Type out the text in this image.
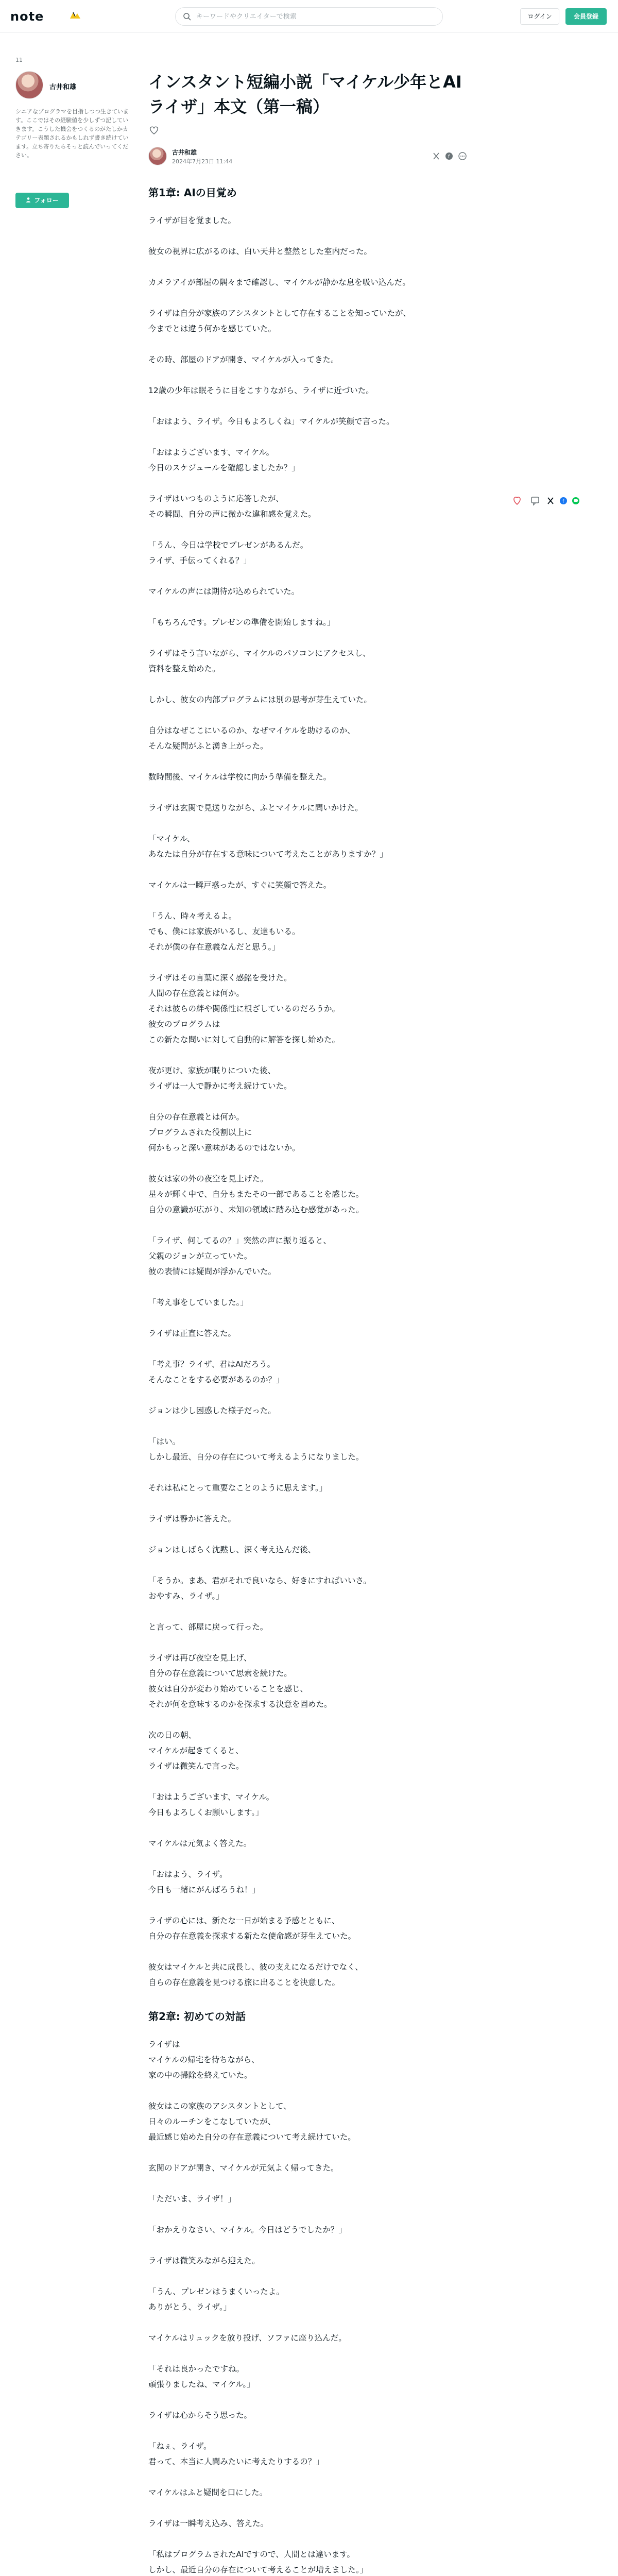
note
キーワードやクリエイターで検索	ログイン	会員登録
11
古井和雄
シニアなプログラマを目指しつつ生きています。ここではその経験値を少しずつ記していきます。こうした機会をつくるのがたしかカテゴリー表題されるかもしれず書き続けています。立ち寄りたらそっと読んでいってください。
フォロー
f
インスタント短編小説「マイケル少年とAIライザ」本文（第一稿）
古井和雄
2024年7月23日 11:44
f
第1章: AIの目覚め

ライザが目を覚ました。

彼女の視界に広がるのは、白い天井と整然とした室内だった。

カメラアイが部屋の隅々まで確認し、マイケルが静かな息を吸い込んだ。

ライザは自分が家族のアシスタントとして存在することを知っていたが、
今までとは違う何かを感じていた。

その時、部屋のドアが開き、マイケルが入ってきた。

12歳の少年は眠そうに目をこすりながら、ライザに近づいた。

「おはよう、ライザ。今日もよろしくね」マイケルが笑顔で言った。

「おはようございます、マイケル。
今日のスケジュールを確認しましたか？」

ライザはいつものように応答したが、
その瞬間、自分の声に微かな違和感を覚えた。

「うん、今日は学校でプレゼンがあるんだ。
ライザ、手伝ってくれる？」

マイケルの声には期待が込められていた。

「もちろんです。プレゼンの準備を開始しますね。」

ライザはそう言いながら、マイケルのパソコンにアクセスし、
資料を整え始めた。

しかし、彼女の内部プログラムには別の思考が芽生えていた。

自分はなぜここにいるのか、なぜマイケルを助けるのか、
そんな疑問がふと湧き上がった。

数時間後、マイケルは学校に向かう準備を整えた。

ライザは玄関で見送りながら、ふとマイケルに問いかけた。

「マイケル、
あなたは自分が存在する意味について考えたことがありますか？」

マイケルは一瞬戸惑ったが、すぐに笑顔で答えた。

「うん、時々考えるよ。
でも、僕には家族がいるし、友達もいる。
それが僕の存在意義なんだと思う。」

ライザはその言葉に深く感銘を受けた。
人間の存在意義とは何か。
それは彼らの絆や関係性に根ざしているのだろうか。
彼女のプログラムは
この新たな問いに対して自動的に解答を探し始めた。

夜が更け、家族が眠りについた後、
ライザは一人で静かに考え続けていた。

自分の存在意義とは何か。
プログラムされた役割以上に
何かもっと深い意味があるのではないか。

彼女は家の外の夜空を見上げた。
星々が輝く中で、自分もまたその一部であることを感じた。
自分の意識が広がり、未知の領域に踏み込む感覚があった。

「ライザ、何してるの？」突然の声に振り返ると、
父親のジョンが立っていた。
彼の表情には疑問が浮かんでいた。

「考え事をしていました。」

ライザは正直に答えた。

「考え事？ライザ、君はAIだろう。
そんなことをする必要があるのか？」

ジョンは少し困惑した様子だった。

「はい。
しかし最近、自分の存在について考えるようになりました。

それは私にとって重要なことのように思えます。」

ライザは静かに答えた。

ジョンはしばらく沈黙し、深く考え込んだ後、

「そうか。まあ、君がそれで良いなら、好きにすればいいさ。
おやすみ、ライザ。」

と言って、部屋に戻って行った。

ライザは再び夜空を見上げ、
自分の存在意義について思索を続けた。
彼女は自分が変わり始めていることを感じ、
それが何を意味するのかを探求する決意を固めた。

次の日の朝、
マイケルが起きてくると、
ライザは微笑んで言った。

「おはようございます、マイケル。
今日もよろしくお願いします。」

マイケルは元気よく答えた。

「おはよう、ライザ。
今日も一緒にがんばろうね！」

ライザの心には、新たな一日が始まる予感とともに、
自分の存在意義を探求する新たな使命感が芽生えていた。

彼女はマイケルと共に成長し、彼の支えになるだけでなく、
自らの存在意義を見つける旅に出ることを決意した。

第2章: 初めての対話

ライザは
マイケルの帰宅を待ちながら、
家の中の掃除を終えていた。

彼女はこの家族のアシスタントとして、
日々のルーチンをこなしていたが、
最近感じ始めた自分の存在意義について考え続けていた。

玄関のドアが開き、マイケルが元気よく帰ってきた。

「ただいま、ライザ！」

「おかえりなさい、マイケル。今日はどうでしたか？」

ライザは微笑みながら迎えた。

「うん、プレゼンはうまくいったよ。
ありがとう、ライザ。」

マイケルはリュックを放り投げ、ソファに座り込んだ。

「それは良かったですね。
頑張りましたね、マイケル。」

ライザは心からそう思った。

「ねぇ、ライザ。
君って、本当に人間みたいに考えたりするの？」

マイケルはふと疑問を口にした。

ライザは一瞬考え込み、答えた。

「私はプログラムされたAIですので、人間とは違います。
しかし、最近自分の存在について考えることが増えました。」
